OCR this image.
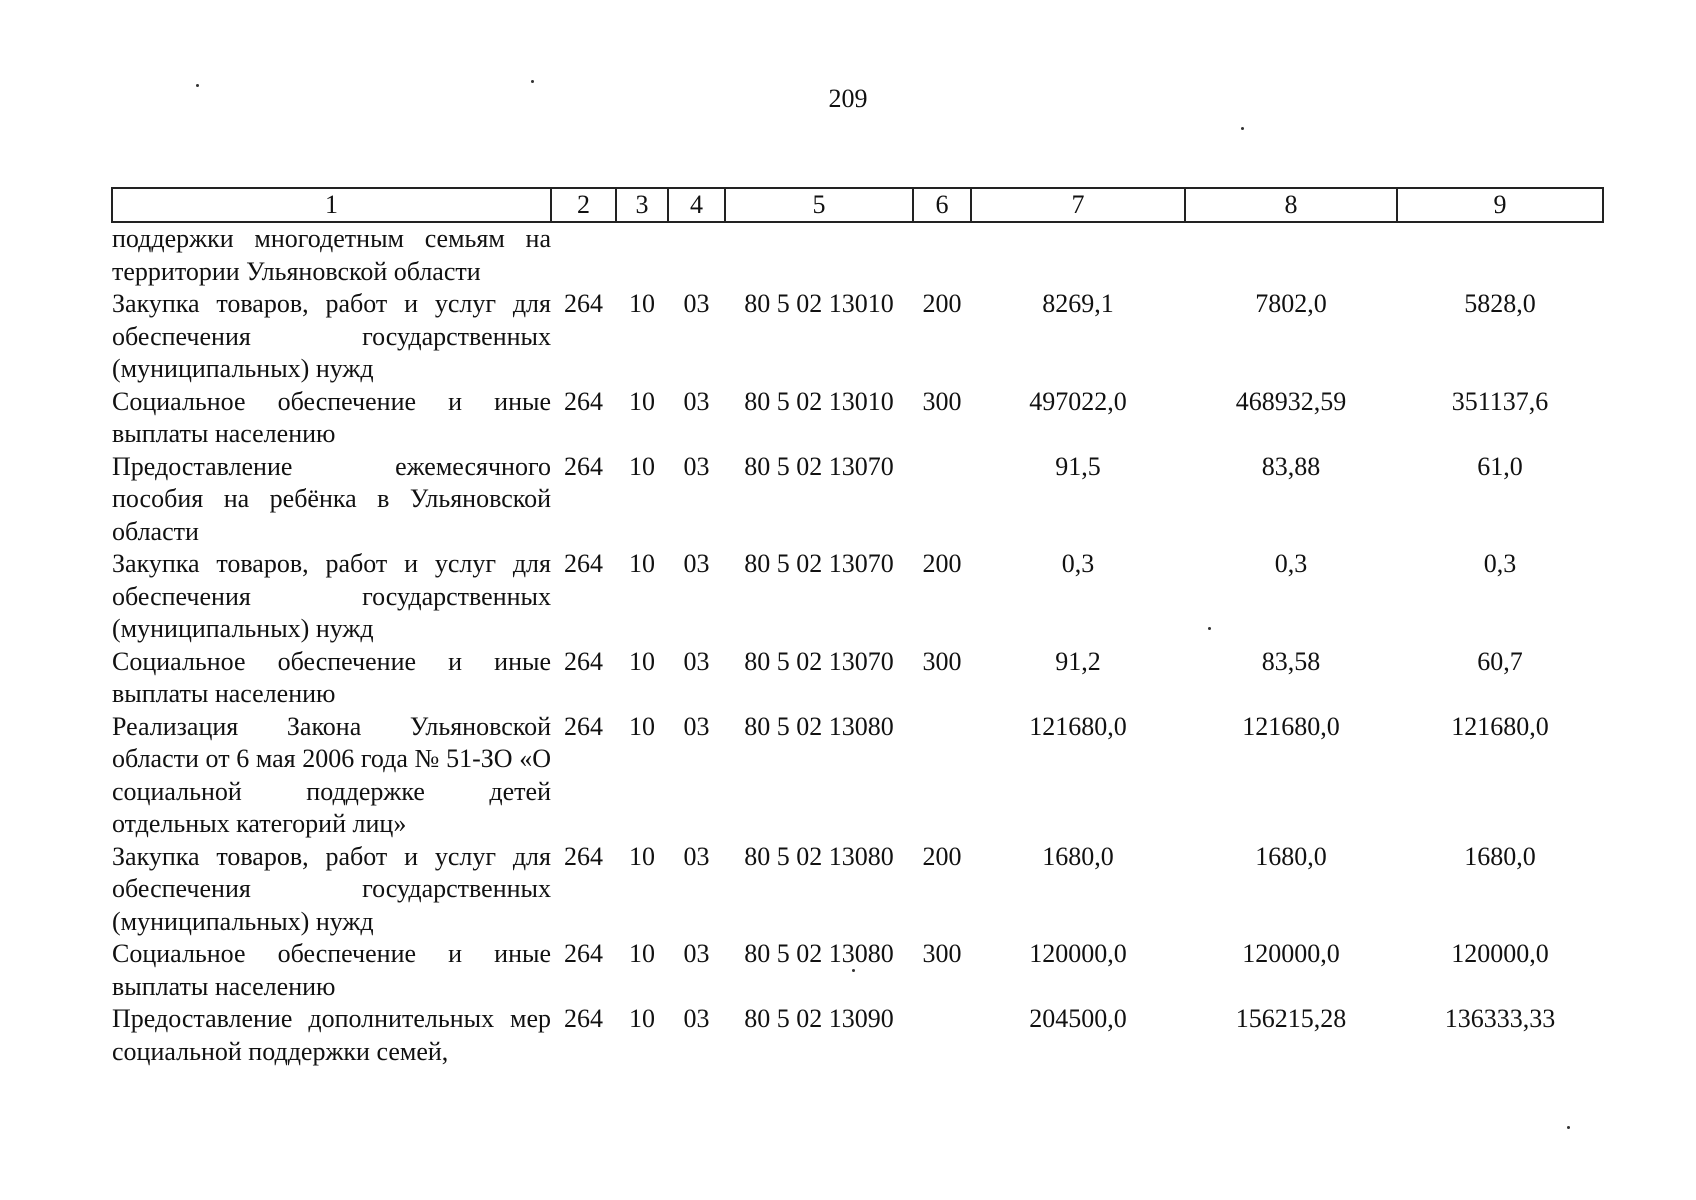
209
1	2	3	4	5	6	7	8	9
поддержки многодетным семьям на территории Ульяновской области								
Закупка товаров, работ и услуг для обеспечения государственных (муниципальных) нужд	264	10	03	80 5 02 13010	200	8269,1	7802,0	5828,0
Социальное обеспечение и иные выплаты населению	264	10	03	80 5 02 13010	300	497022,0	468932,59	351137,6
Предоставление ежемесячного пособия на ребёнка в Ульяновской области	264	10	03	80 5 02 13070		91,5	83,88	61,0
Закупка товаров, работ и услуг для обеспечения государственных (муниципальных) нужд	264	10	03	80 5 02 13070	200	0,3	0,3	0,3
Социальное обеспечение и иные выплаты населению	264	10	03	80 5 02 13070	300	91,2	83,58	60,7
Реализация Закона Ульяновской области от 6 мая 2006 года № 51-ЗО «О социальной поддержке детей отдельных категорий лиц»	264	10	03	80 5 02 13080		121680,0	121680,0	121680,0
Закупка товаров, работ и услуг для обеспечения государственных (муниципальных) нужд	264	10	03	80 5 02 13080	200	1680,0	1680,0	1680,0
Социальное обеспечение и иные выплаты населению	264	10	03	80 5 02 13080	300	120000,0	120000,0	120000,0
Предоставление дополнительных мер социальной поддержки семей,	264	10	03	80 5 02 13090		204500,0	156215,28	136333,33
